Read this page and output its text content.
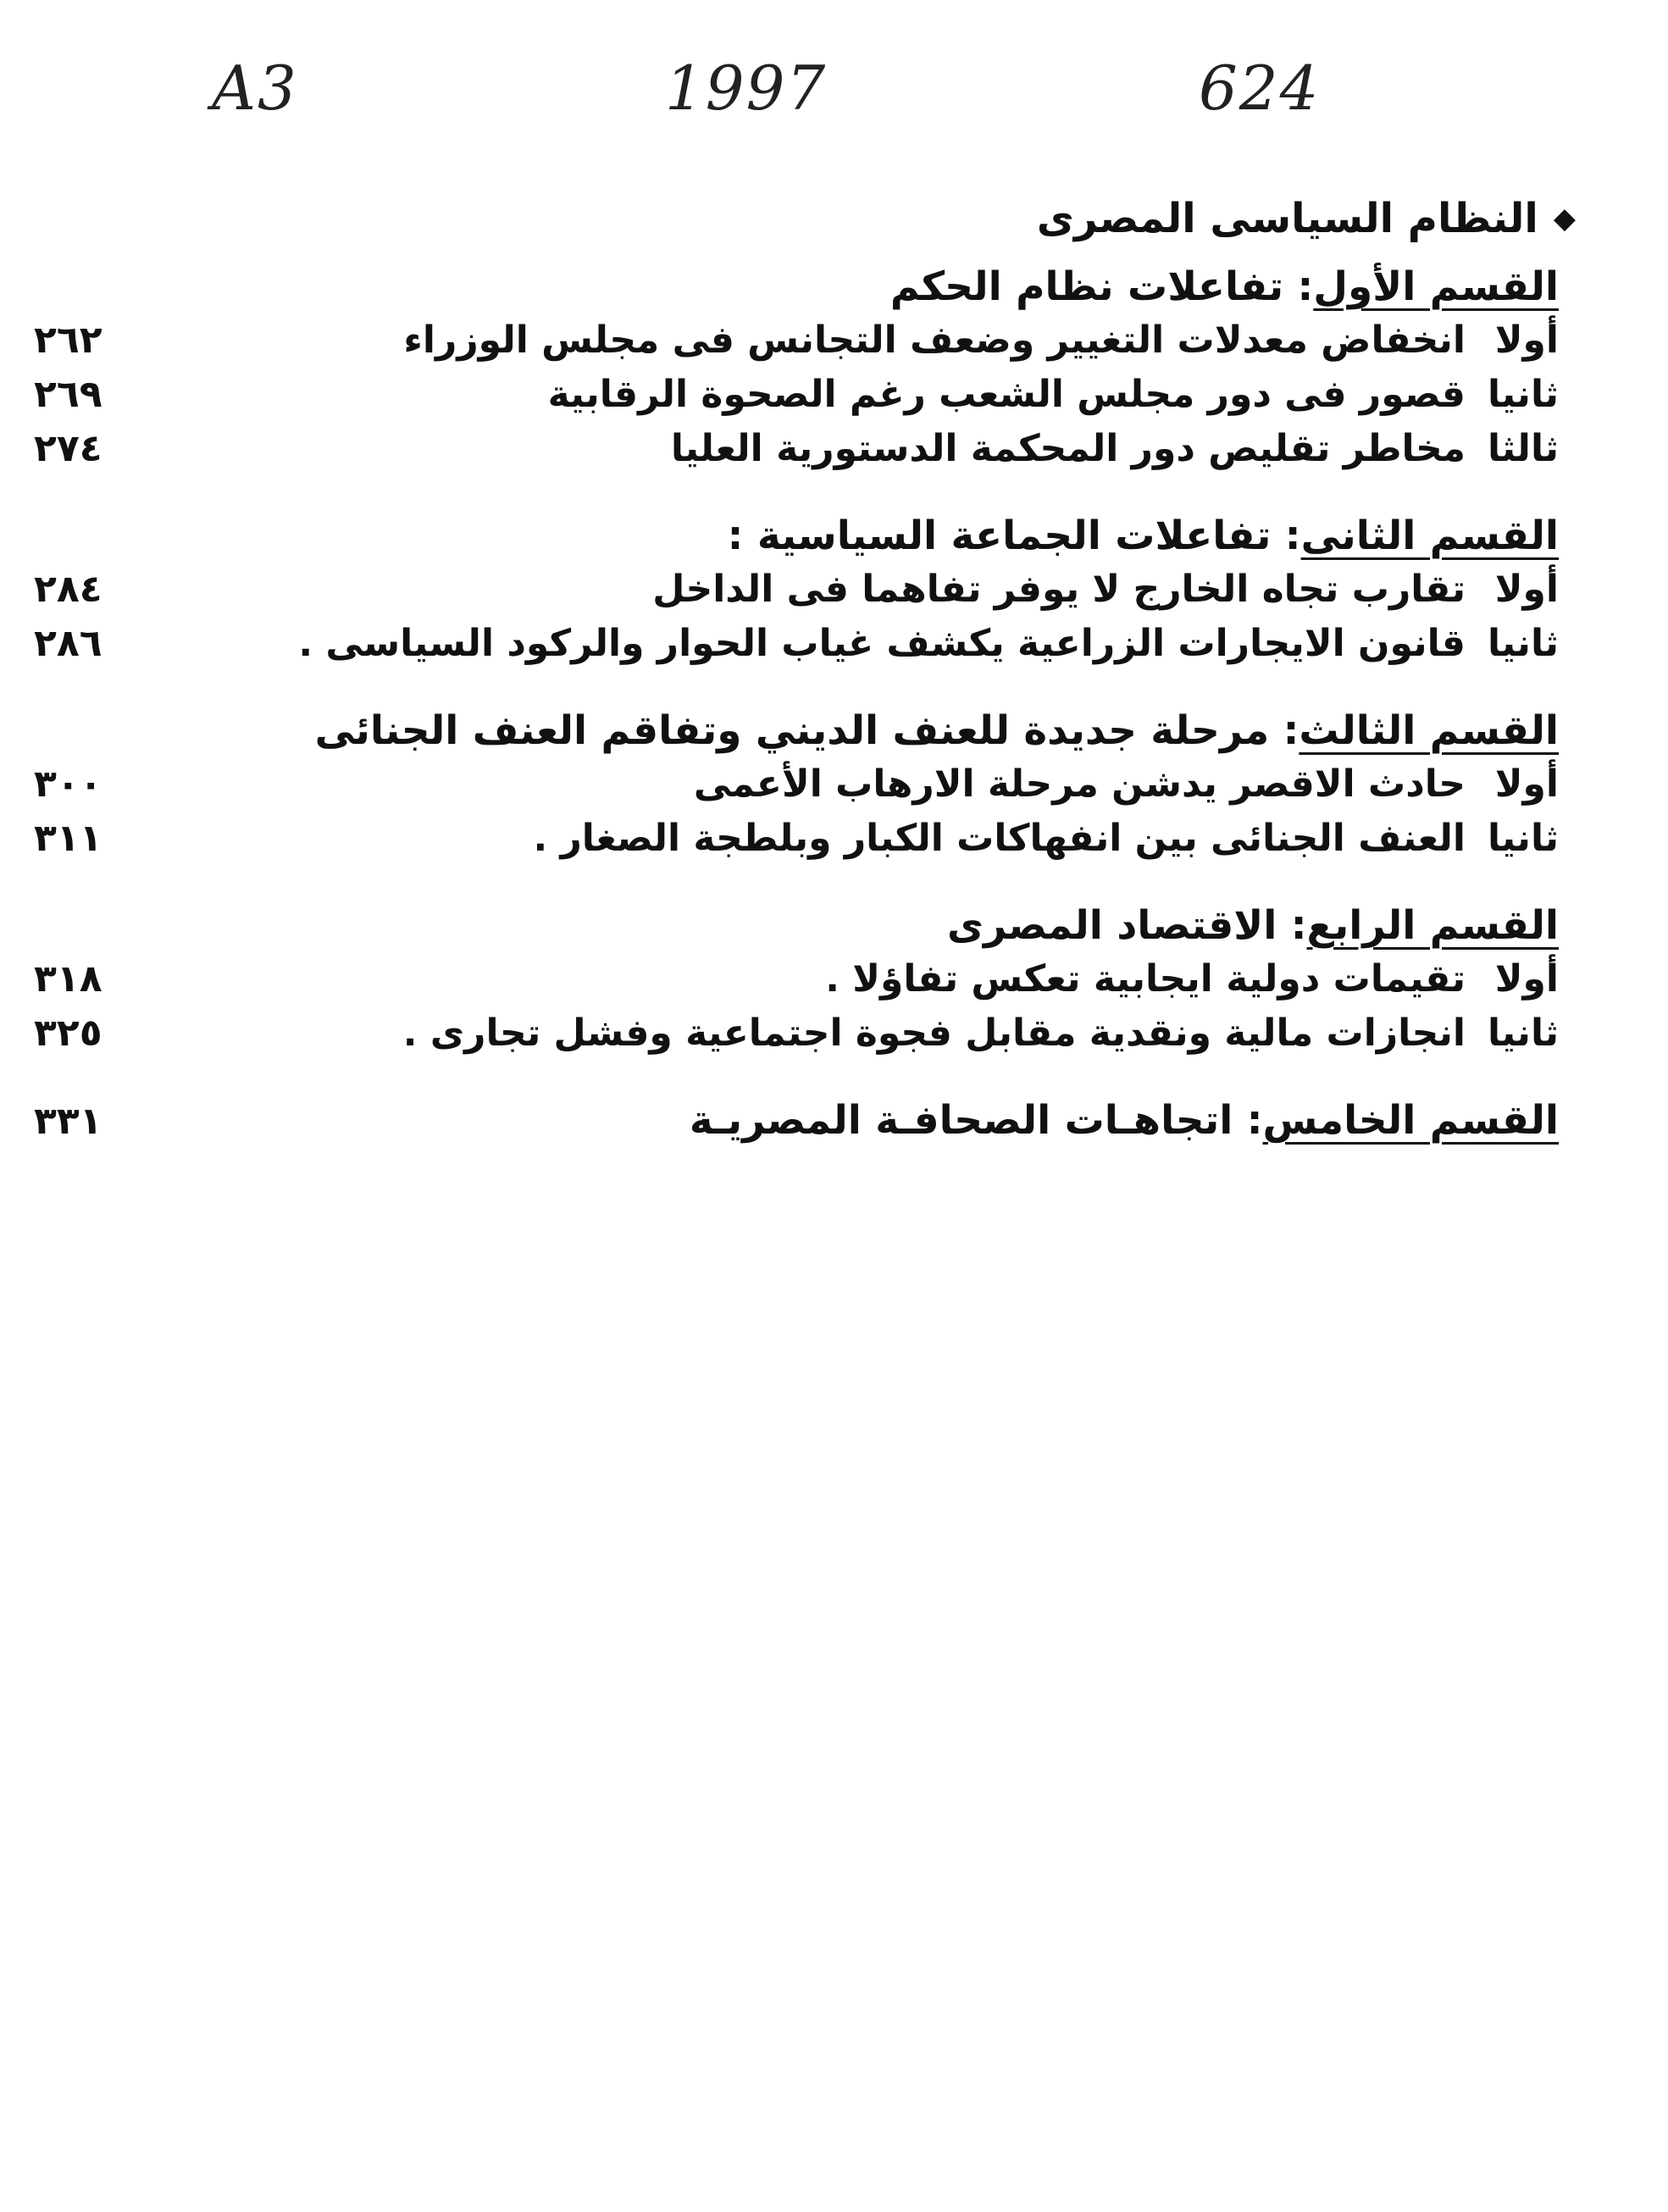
A3	1997	624
◆
النظام السياسى المصرى
القسم الأول
: تفاعلات نظام الحكم
أولا
انخفاض معدلات التغيير وضعف التجانس فى مجلس الوزراء
٢٦٢
ثانيا
قصور فى دور مجلس الشعب رغم الصحوة الرقابية
٢٦٩
ثالثا
مخاطر تقليص دور المحكمة الدستورية العليا
٢٧٤
القسم الثانى
: تفاعلات الجماعة السياسية :
أولا
تقارب تجاه الخارج لا يوفر تفاهما فى الداخل
٢٨٤
ثانيا
قانون الايجارات الزراعية يكشف غياب الحوار والركود السياسى .
٢٨٦
القسم الثالث
: مرحلة جديدة للعنف الديني وتفاقم العنف الجنائى
أولا
حادث الاقصر يدشن مرحلة الارهاب الأعمى
٣٠٠
ثانيا
العنف الجنائى بين انفهاكات الكبار وبلطجة الصغار .
٣١١
القسم الرابع
: الاقتصاد المصرى
أولا
تقيمات دولية ايجابية تعكس تفاؤلا .
٣١٨
ثانيا
انجازات مالية ونقدية مقابل فجوة اجتماعية وفشل تجارى .
٣٢٥
القسم الخامس
: اتجاهـات الصحافـة المصريـة
٣٣١
